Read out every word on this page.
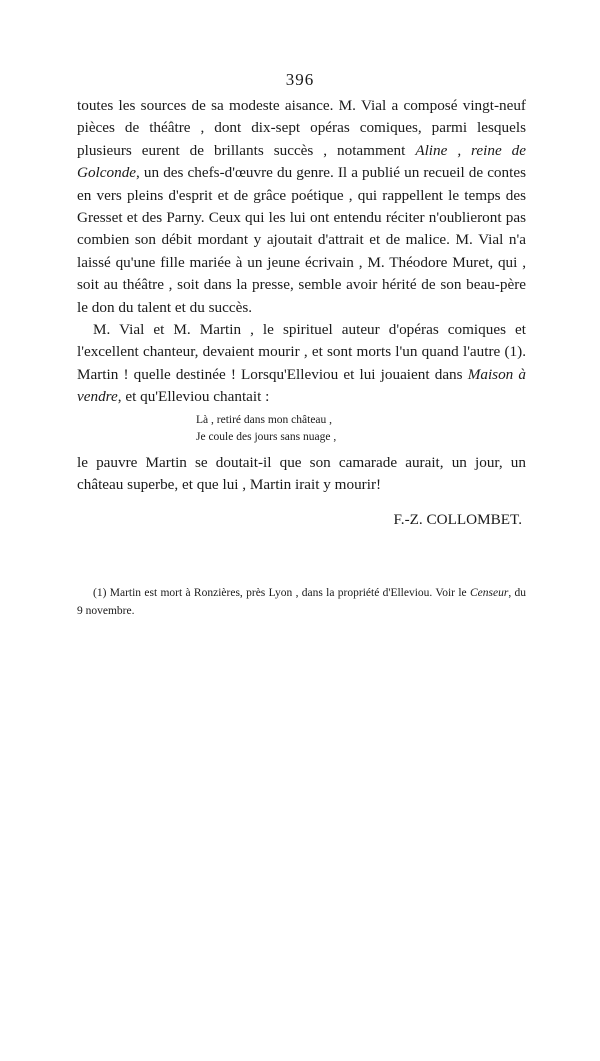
396

toutes les sources de sa modeste aisance. M. Vial a composé vingt-neuf pièces de théâtre , dont dix-sept opéras comiques, parmi lesquels plusieurs eurent de brillants succès , notamment Aline , reine de Golconde, un des chefs-d'œuvre du genre. Il a publié un recueil de contes en vers pleins d'esprit et de grâce poétique , qui rappellent le temps des Gresset et des Parny. Ceux qui les lui ont entendu réciter n'oublieront pas combien son débit mordant y ajoutait d'attrait et de malice. M. Vial n'a laissé qu'une fille mariée à un jeune écrivain , M. Théodore Muret, qui , soit au théâtre , soit dans la presse, semble avoir hérité de son beau-père le don du talent et du succès.

M. Vial et M. Martin , le spirituel auteur d'opéras comiques et l'excellent chanteur, devaient mourir , et sont morts l'un quand l'autre (1). Martin ! quelle destinée ! Lorsqu'Elleviou et lui jouaient dans Maison à vendre, et qu'Elleviou chantait :

Là , retiré dans mon château ,
Je coule des jours sans nuage ,

le pauvre Martin se doutait-il que son camarade aurait, un jour, un château superbe, et que lui , Martin irait y mourir!

F.-Z. COLLOMBET.

(1) Martin est mort à Ronzières, près Lyon , dans la propriété d'Elleviou. Voir le Censeur, du 9 novembre.
